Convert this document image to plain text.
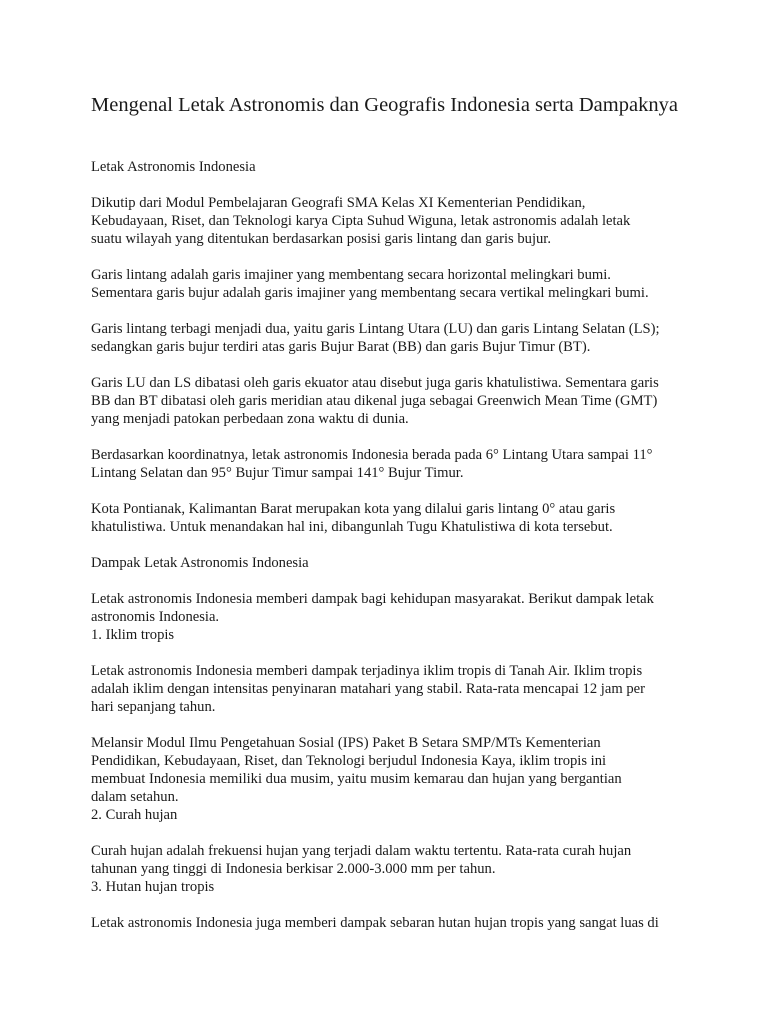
Mengenal Letak Astronomis dan Geografis Indonesia serta Dampaknya

Letak Astronomis Indonesia

Dikutip dari Modul Pembelajaran Geografi SMA Kelas XI Kementerian Pendidikan,
Kebudayaan, Riset, dan Teknologi karya Cipta Suhud Wiguna, letak astronomis adalah letak
suatu wilayah yang ditentukan berdasarkan posisi garis lintang dan garis bujur.

Garis lintang adalah garis imajiner yang membentang secara horizontal melingkari bumi.
Sementara garis bujur adalah garis imajiner yang membentang secara vertikal melingkari bumi.

Garis lintang terbagi menjadi dua, yaitu garis Lintang Utara (LU) dan garis Lintang Selatan (LS);
sedangkan garis bujur terdiri atas garis Bujur Barat (BB) dan garis Bujur Timur (BT).

Garis LU dan LS dibatasi oleh garis ekuator atau disebut juga garis khatulistiwa. Sementara garis
BB dan BT dibatasi oleh garis meridian atau dikenal juga sebagai Greenwich Mean Time (GMT)
yang menjadi patokan perbedaan zona waktu di dunia.

Berdasarkan koordinatnya, letak astronomis Indonesia berada pada 6° Lintang Utara sampai 11°
Lintang Selatan dan 95° Bujur Timur sampai 141° Bujur Timur.

Kota Pontianak, Kalimantan Barat merupakan kota yang dilalui garis lintang 0° atau garis
khatulistiwa. Untuk menandakan hal ini, dibangunlah Tugu Khatulistiwa di kota tersebut.

Dampak Letak Astronomis Indonesia

Letak astronomis Indonesia memberi dampak bagi kehidupan masyarakat. Berikut dampak letak
astronomis Indonesia.
1. Iklim tropis

Letak astronomis Indonesia memberi dampak terjadinya iklim tropis di Tanah Air. Iklim tropis
adalah iklim dengan intensitas penyinaran matahari yang stabil. Rata-rata mencapai 12 jam per
hari sepanjang tahun.

Melansir Modul Ilmu Pengetahuan Sosial (IPS) Paket B Setara SMP/MTs Kementerian
Pendidikan, Kebudayaan, Riset, dan Teknologi berjudul Indonesia Kaya, iklim tropis ini
membuat Indonesia memiliki dua musim, yaitu musim kemarau dan hujan yang bergantian
dalam setahun.
2. Curah hujan

Curah hujan adalah frekuensi hujan yang terjadi dalam waktu tertentu. Rata-rata curah hujan
tahunan yang tinggi di Indonesia berkisar 2.000-3.000 mm per tahun.
3. Hutan hujan tropis

Letak astronomis Indonesia juga memberi dampak sebaran hutan hujan tropis yang sangat luas di
